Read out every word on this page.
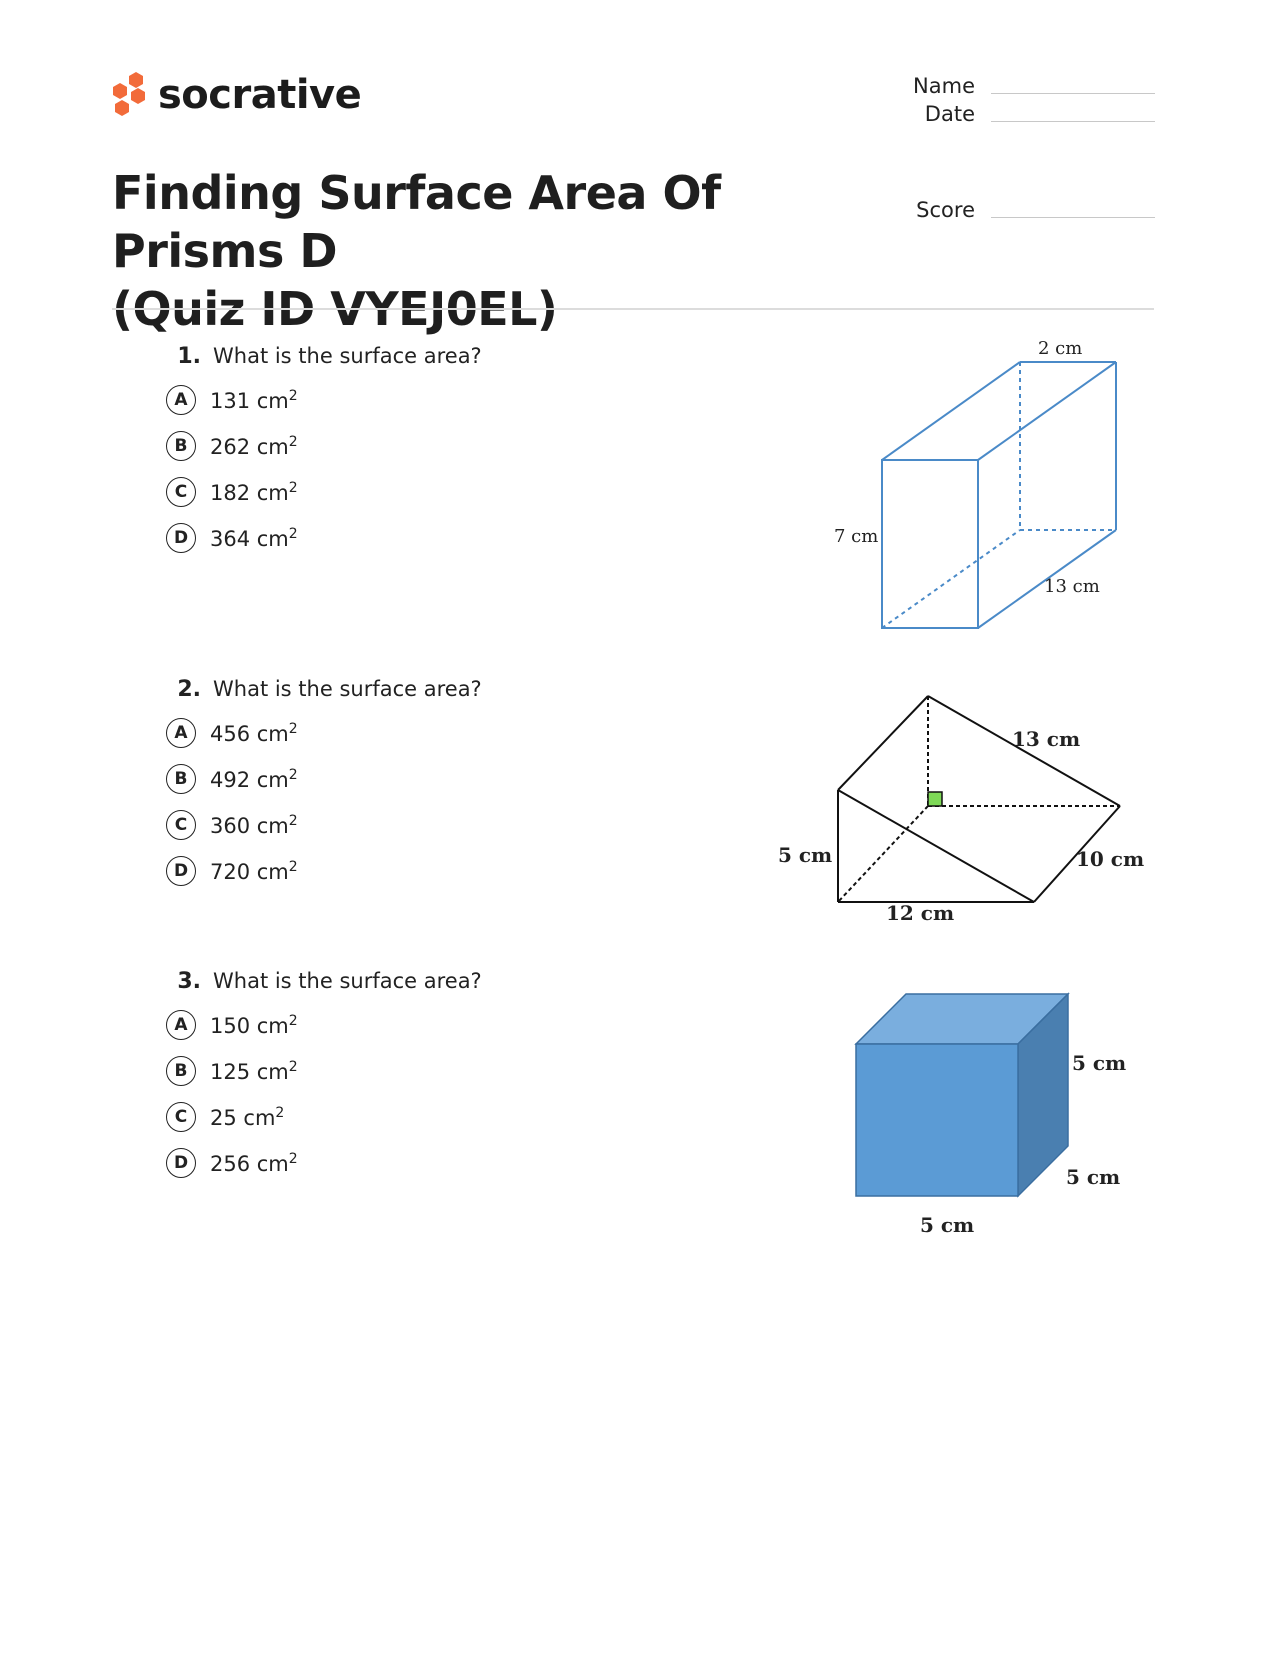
socrative	Name
Date
Score
Finding Surface Area Of Prisms D
(Quiz ID VYEJ0EL)
1. What is the surface area?
A	131 $cm^2$
B	262 $cm^2$
C	182 $cm^2$
D	364 $cm^2$
2 cm
7 cm
13 cm
2. What is the surface area?
A	456 $cm^2$
B	492 $cm^2$
C	360 $cm^2$
D	720 $cm^2$
13 cm
5 cm	10 cm
12 cm
3. What is the surface area?
A	150 $cm^2$
B	125 $cm^2$
C	25 $cm^2$
D	256 $cm^2$
5 cm
5 cm
5 cm
